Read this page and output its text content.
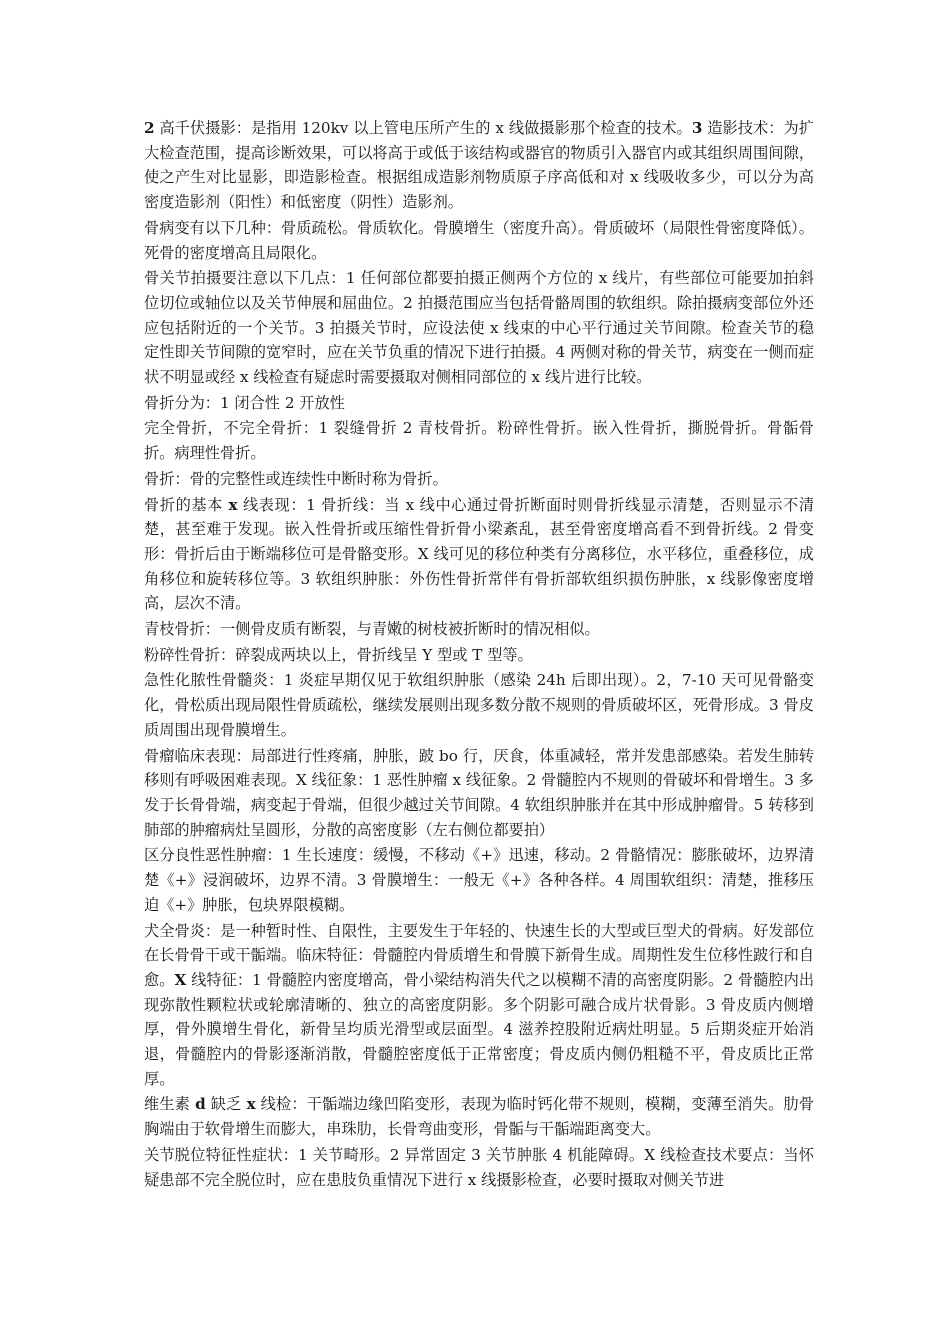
2 高千伏摄影：是指用 120kv 以上管电压所产生的 x 线做摄影那个检查的技术。3 造影技术：为扩大检查范围，提高诊断效果，可以将高于或低于该结构或器官的物质引入器官内或其组织周围间隙，使之产生对比显影，即造影检查。根据组成造影剂物质原子序高低和对 x 线吸收多少，可以分为高密度造影剂（阳性）和低密度（阴性）造影剂。

骨病变有以下几种：骨质疏松。骨质软化。骨膜增生（密度升高）。骨质破坏（局限性骨密度降低）。死骨的密度增高且局限化。

骨关节拍摄要注意以下几点：1 任何部位都要拍摄正侧两个方位的 x 线片，有些部位可能要加拍斜位切位或轴位以及关节伸展和屈曲位。2 拍摄范围应当包括骨骼周围的软组织。除拍摄病变部位外还应包括附近的一个关节。3 拍摄关节时，应设法使 x 线束的中心平行通过关节间隙。检查关节的稳定性即关节间隙的宽窄时，应在关节负重的情况下进行拍摄。4 两侧对称的骨关节，病变在一侧而症状不明显或经 x 线检查有疑虑时需要摄取对侧相同部位的 x 线片进行比较。

骨折分为：1 闭合性 2 开放性

完全骨折，不完全骨折：1 裂缝骨折 2 青枝骨折。粉碎性骨折。嵌入性骨折，撕脱骨折。骨骺骨折。病理性骨折。

骨折：骨的完整性或连续性中断时称为骨折。

骨折的基本 x 线表现：1 骨折线：当 x 线中心通过骨折断面时则骨折线显示清楚，否则显示不清楚，甚至难于发现。嵌入性骨折或压缩性骨折骨小梁紊乱，甚至骨密度增高看不到骨折线。2 骨变形：骨折后由于断端移位可是骨骼变形。X 线可见的移位种类有分离移位，水平移位，重叠移位，成角移位和旋转移位等。3 软组织肿胀：外伤性骨折常伴有骨折部软组织损伤肿胀，x 线影像密度增高，层次不清。

青枝骨折：一侧骨皮质有断裂，与青嫩的树枝被折断时的情况相似。

粉碎性骨折：碎裂成两块以上，骨折线呈 Y 型或 T 型等。

急性化脓性骨髓炎：1 炎症早期仅见于软组织肿胀（感染 24h 后即出现）。2，7-10 天可见骨骼变化，骨松质出现局限性骨质疏松，继续发展则出现多数分散不规则的骨质破坏区，死骨形成。3 骨皮质周围出现骨膜增生。

骨瘤临床表现：局部进行性疼痛，肿胀，跛 bo 行，厌食，体重减轻，常并发患部感染。若发生肺转移则有呼吸困难表现。X 线征象：1 恶性肿瘤 x 线征象。2 骨髓腔内不规则的骨破坏和骨增生。3 多发于长骨骨端，病变起于骨端，但很少越过关节间隙。4 软组织肿胀并在其中形成肿瘤骨。5 转移到肺部的肿瘤病灶呈圆形，分散的高密度影（左右侧位都要拍）

区分良性恶性肿瘤：1 生长速度：缓慢，不移动《+》迅速，移动。2 骨骼情况：膨胀破坏，边界清楚《+》浸润破坏，边界不清。3 骨膜增生：一般无《+》各种各样。4 周围软组织：清楚，推移压迫《+》肿胀，包块界限模糊。

犬全骨炎：是一种暂时性、自限性，主要发生于年轻的、快速生长的大型或巨型犬的骨病。好发部位在长骨骨干或干骺端。临床特征：骨髓腔内骨质增生和骨膜下新骨生成。周期性发生位移性跛行和自愈。X 线特征：1 骨髓腔内密度增高，骨小梁结构消失代之以模糊不清的高密度阴影。2 骨髓腔内出现弥散性颗粒状或轮廓清晰的、独立的高密度阴影。多个阴影可融合成片状骨影。3 骨皮质内侧增厚，骨外膜增生骨化，新骨呈均质光滑型或层面型。4 滋养控股附近病灶明显。5 后期炎症开始消退，骨髓腔内的骨影逐渐消散，骨髓腔密度低于正常密度；骨皮质内侧仍粗糙不平，骨皮质比正常厚。

维生素 d 缺乏 x 线检：干骺端边缘凹陷变形，表现为临时钙化带不规则，模糊，变薄至消失。肋骨胸端由于软骨增生而膨大，串珠肋，长骨弯曲变形，骨骺与干骺端距离变大。

关节脱位特征性症状：1 关节畸形。2 异常固定 3 关节肿胀 4 机能障碍。X 线检查技术要点：当怀疑患部不完全脱位时，应在患肢负重情况下进行 x 线摄影检查，必要时摄取对侧关节进
